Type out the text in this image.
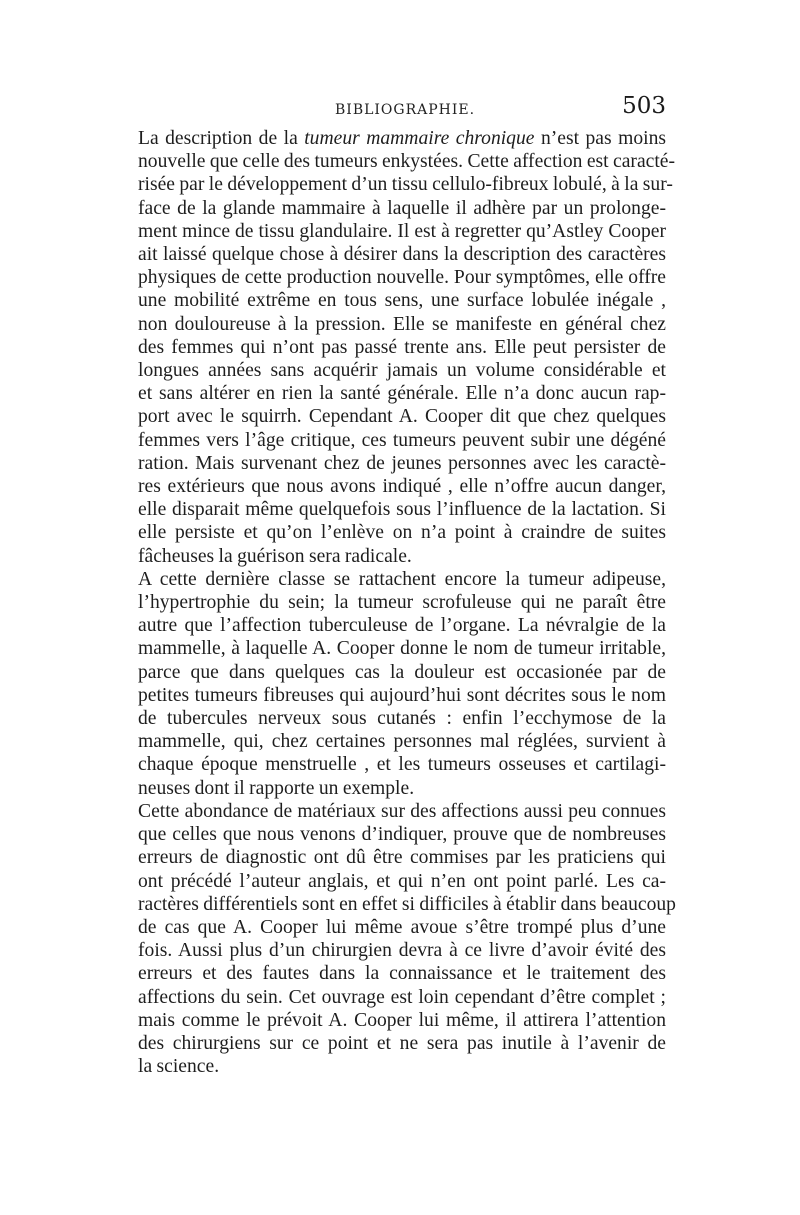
BIBLIOGRAPHIE.	503
La description de la tumeur mammaire chronique n’est pas moins
nouvelle que celle des tumeurs enkystées. Cette affection est caracté-
risée par le développement d’un tissu cellulo-fibreux lobulé, à la sur-
face de la glande mammaire à laquelle il adhère par un prolonge-
ment mince de tissu glandulaire. Il est à regretter qu’Astley Cooper
ait laissé quelque chose à désirer dans la description des caractères
physiques de cette production nouvelle. Pour symptômes, elle offre
une mobilité extrême en tous sens, une surface lobulée inégale ,
non douloureuse à la pression. Elle se manifeste en général chez
des femmes qui n’ont pas passé trente ans. Elle peut persister de
longues années sans acquérir jamais un volume considérable et
et sans altérer en rien la santé générale. Elle n’a donc aucun rap-
port avec le squirrh. Cependant A. Cooper dit que chez quelques
femmes vers l’âge critique, ces tumeurs peuvent subir une dégéné
ration. Mais survenant chez de jeunes personnes avec les caractè-
res extérieurs que nous avons indiqué , elle n’offre aucun danger,
elle disparait même quelquefois sous l’influence de la lactation. Si
elle persiste et qu’on l’enlève on n’a point à craindre de suites
fâcheuses la guérison sera radicale.
A cette dernière classe se rattachent encore la tumeur adipeuse,
l’hypertrophie du sein; la tumeur scrofuleuse qui ne paraît être
autre que l’affection tuberculeuse de l’organe. La névralgie de la
mammelle, à laquelle A. Cooper donne le nom de tumeur irritable,
parce que dans quelques cas la douleur est occasionée par de
petites tumeurs fibreuses qui aujourd’hui sont décrites sous le nom
de tubercules nerveux sous cutanés : enfin l’ecchymose de la
mammelle, qui, chez certaines personnes mal réglées, survient à
chaque époque menstruelle , et les tumeurs osseuses et cartilagi-
neuses dont il rapporte un exemple.
Cette abondance de matériaux sur des affections aussi peu connues
que celles que nous venons d’indiquer, prouve que de nombreuses
erreurs de diagnostic ont dû être commises par les praticiens qui
ont précédé l’auteur anglais, et qui n’en ont point parlé. Les ca-
ractères différentiels sont en effet si difficiles à établir dans beaucoup
de cas que A. Cooper lui même avoue s’être trompé plus d’une
fois. Aussi plus d’un chirurgien devra à ce livre d’avoir évité des
erreurs et des fautes dans la connaissance et le traitement des
affections du sein. Cet ouvrage est loin cependant d’être complet ;
mais comme le prévoit A. Cooper lui même, il attirera l’attention
des chirurgiens sur ce point et ne sera pas inutile à l’avenir de
la science.
